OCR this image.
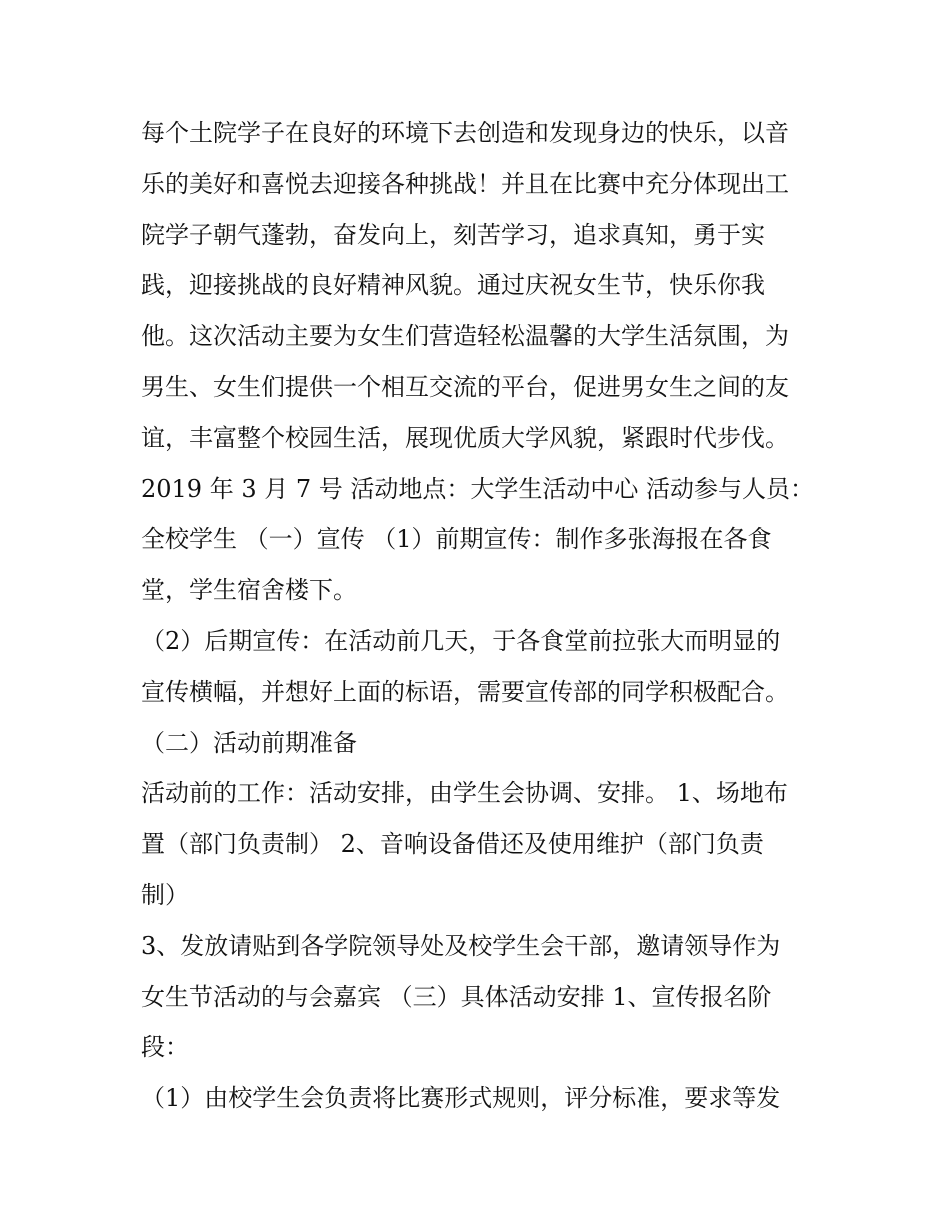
每个土院学子在良好的环境下去创造和发现身边的快乐，以音

乐的美好和喜悦去迎接各种挑战！并且在比赛中充分体现出工

院学子朝气蓬勃，奋发向上，刻苦学习，追求真知，勇于实

践，迎接挑战的良好精神风貌。通过庆祝女生节，快乐你我

他。这次活动主要为女生们营造轻松温馨的大学生活氛围，为

男生、女生们提供一个相互交流的平台，促进男女生之间的友

谊，丰富整个校园生活，展现优质大学风貌，紧跟时代步伐。

2019 年 3 月 7 号 活动地点：大学生活动中心 活动参与人员：

全校学生 （一）宣传 （1）前期宣传：制作多张海报在各食

堂，学生宿舍楼下。

（2）后期宣传：在活动前几天，于各食堂前拉张大而明显的

宣传横幅，并想好上面的标语，需要宣传部的同学积极配合。

（二）活动前期准备

活动前的工作：活动安排，由学生会协调、安排。 1、场地布

置（部门负责制） 2、音响设备借还及使用维护（部门负责

制）

3、发放请贴到各学院领导处及校学生会干部，邀请领导作为

女生节活动的与会嘉宾 （三）具体活动安排 1、宣传报名阶

段：

（1）由校学生会负责将比赛形式规则，评分标准，要求等发
